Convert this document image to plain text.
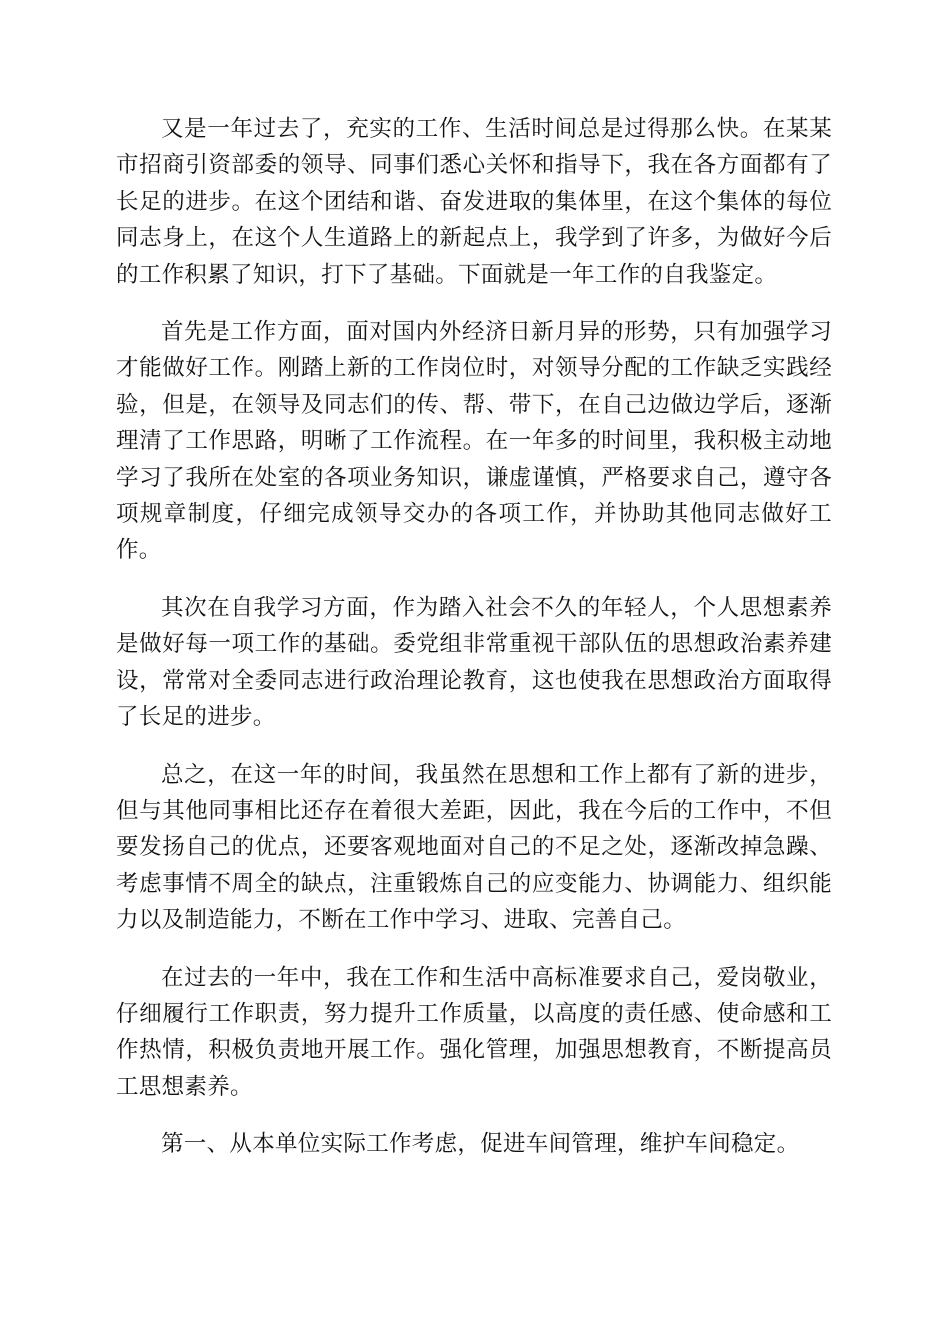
又是一年过去了，充实的工作、生活时间总是过得那么快。在某某市招商引资部委的领导、同事们悉心关怀和指导下，我在各方面都有了长足的进步。在这个团结和谐、奋发进取的集体里，在这个集体的每位同志身上，在这个人生道路上的新起点上，我学到了许多，为做好今后的工作积累了知识，打下了基础。下面就是一年工作的自我鉴定。

首先是工作方面，面对国内外经济日新月异的形势，只有加强学习才能做好工作。刚踏上新的工作岗位时，对领导分配的工作缺乏实践经验，但是，在领导及同志们的传、帮、带下，在自己边做边学后，逐渐理清了工作思路，明晰了工作流程。在一年多的时间里，我积极主动地学习了我所在处室的各项业务知识，谦虚谨慎，严格要求自己，遵守各项规章制度，仔细完成领导交办的各项工作，并协助其他同志做好工作。

其次在自我学习方面，作为踏入社会不久的年轻人，个人思想素养是做好每一项工作的基础。委党组非常重视干部队伍的思想政治素养建设，常常对全委同志进行政治理论教育，这也使我在思想政治方面取得了长足的进步。

总之，在这一年的时间，我虽然在思想和工作上都有了新的进步，但与其他同事相比还存在着很大差距，因此，我在今后的工作中，不但要发扬自己的优点，还要客观地面对自己的不足之处，逐渐改掉急躁、考虑事情不周全的缺点，注重锻炼自己的应变能力、协调能力、组织能力以及制造能力，不断在工作中学习、进取、完善自己。

在过去的一年中，我在工作和生活中高标准要求自己，爱岗敬业，仔细履行工作职责，努力提升工作质量，以高度的责任感、使命感和工作热情，积极负责地开展工作。强化管理，加强思想教育，不断提高员工思想素养。

第一、从本单位实际工作考虑，促进车间管理，维护车间稳定。
